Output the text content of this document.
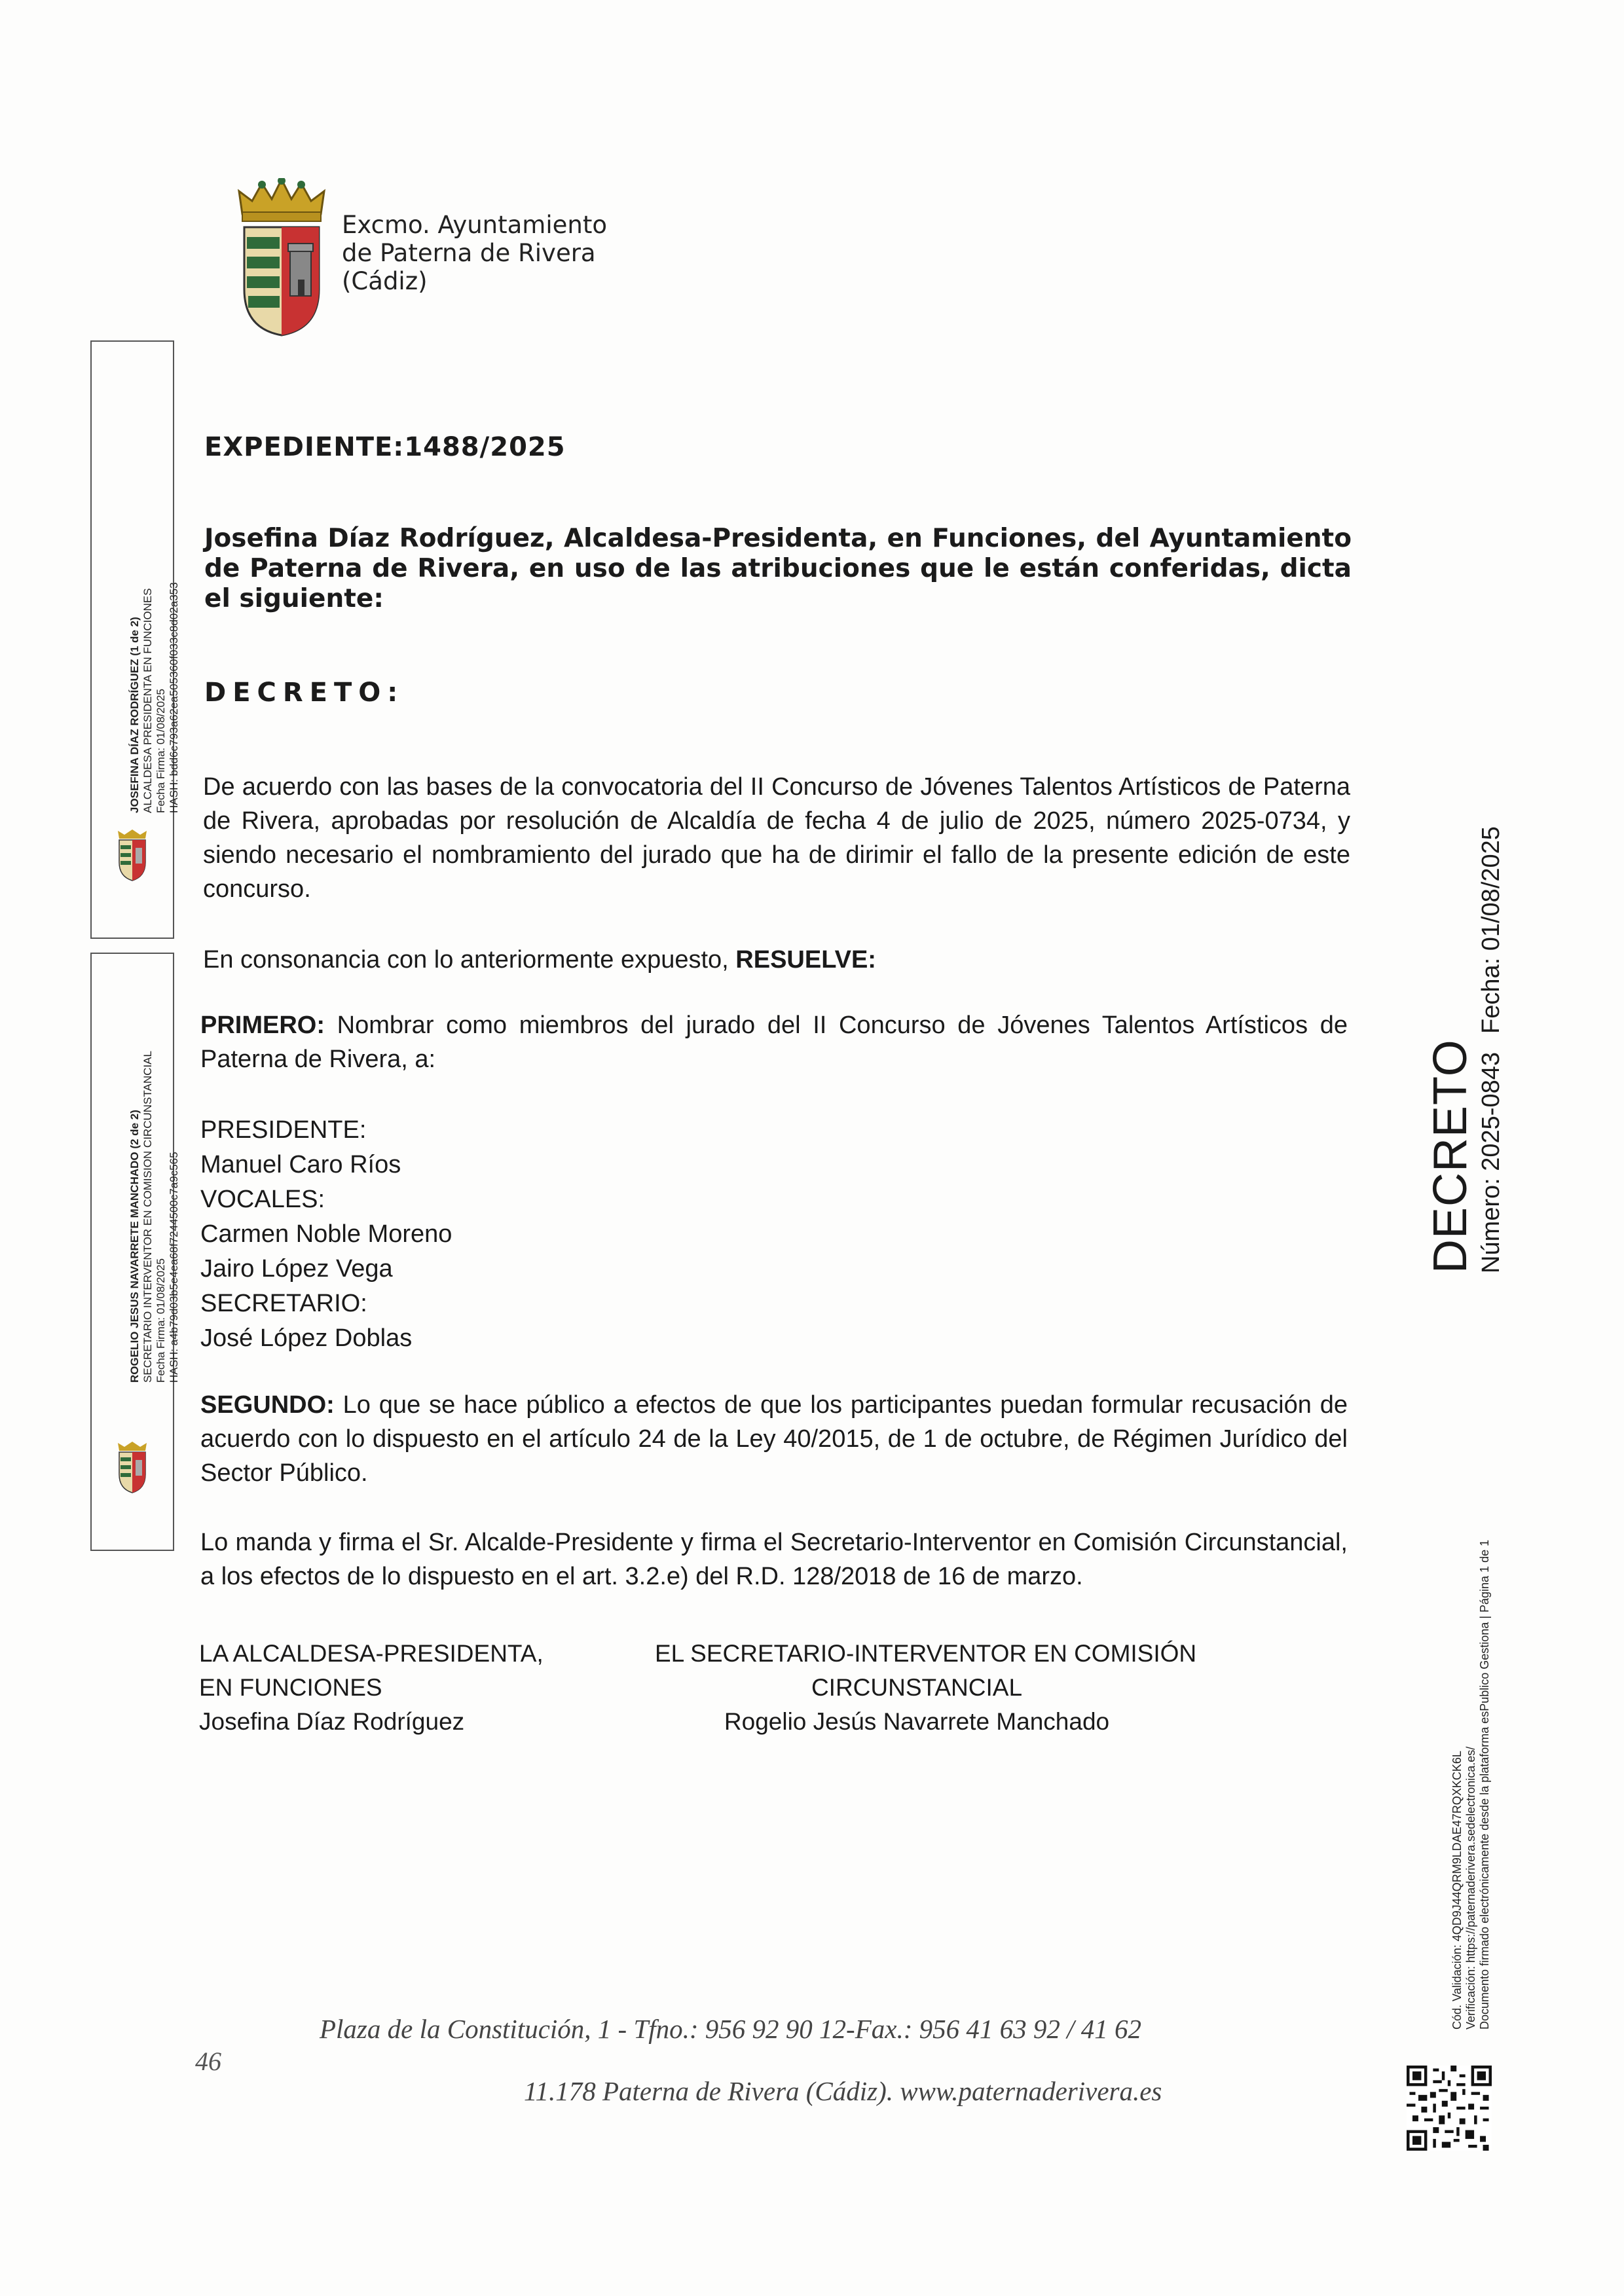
Excmo. Ayuntamiento
de Paterna de Rivera
(Cádiz)
JOSEFINA DÍAZ RODRÍGUEZ (1 de 2) ALCALDESA PRESIDENTA EN FUNCIONES Fecha Firma: 01/08/2025 HASH: bdd6c793a62ea505360f033c8d02a353
ROGELIO JESUS NAVARRETE MANCHADO (2 de 2) SECRETARIO INTERVENTOR EN COMISION CIRCUNSTANCIAL Fecha Firma: 01/08/2025 HASH: a4b79d03b5e4ea68f7244500c7a9c565
EXPEDIENTE:1488/2025
Josefina Díaz Rodríguez, Alcaldesa-Presidenta, en Funciones, del Ayuntamiento de Paterna de Rivera, en uso de las atribuciones que le están conferidas, dicta el siguiente:
DECRETO:
De acuerdo con las bases de la convocatoria del II Concurso de Jóvenes Talentos Artísticos de Paterna de Rivera, aprobadas por resolución de Alcaldía de fecha 4 de julio de 2025, número 2025-0734, y siendo necesario el nombramiento del jurado que ha de dirimir el fallo de la presente edición de este concurso.
En consonancia con lo anteriormente expuesto, RESUELVE:
PRIMERO: Nombrar como miembros del jurado del II Concurso de Jóvenes Talentos Artísticos de Paterna de Rivera, a:
PRESIDENTE:
Manuel Caro Ríos
VOCALES:
Carmen Noble Moreno
Jairo López Vega
SECRETARIO:
José López Doblas
SEGUNDO: Lo que se hace público a efectos de que los participantes puedan formular recusación de acuerdo con lo dispuesto en el artículo 24 de la Ley 40/2015, de 1 de octubre, de Régimen Jurídico del Sector Público.
Lo manda y firma el Sr. Alcalde-Presidente y firma el Secretario-Interventor en Comisión Circunstancial, a los efectos de lo dispuesto en el art. 3.2.e) del R.D. 128/2018 de 16 de marzo.
LA ALCALDESA-PRESIDENTA,
EN FUNCIONES
Josefina Díaz Rodríguez
EL SECRETARIO-INTERVENTOR EN COMISIÓN
CIRCUNSTANCIAL
Rogelio Jesús Navarrete Manchado
46
Plaza de la Constitución, 1 - Tfno.: 956 92 90 12-Fax.: 956 41 63 92 / 41 62
11.178 Paterna de Rivera (Cádiz). www.paternaderivera.es
DECRETO Número: 2025-0843Fecha: 01/08/2025
Cód. Validación: 4QD9J44QRM9LDAE47RQXKCK6L Verificación: https://paternaderivera.sedelectronica.es/ Documento firmado electrónicamente desde la plataforma esPublico Gestiona | Página 1 de 1
